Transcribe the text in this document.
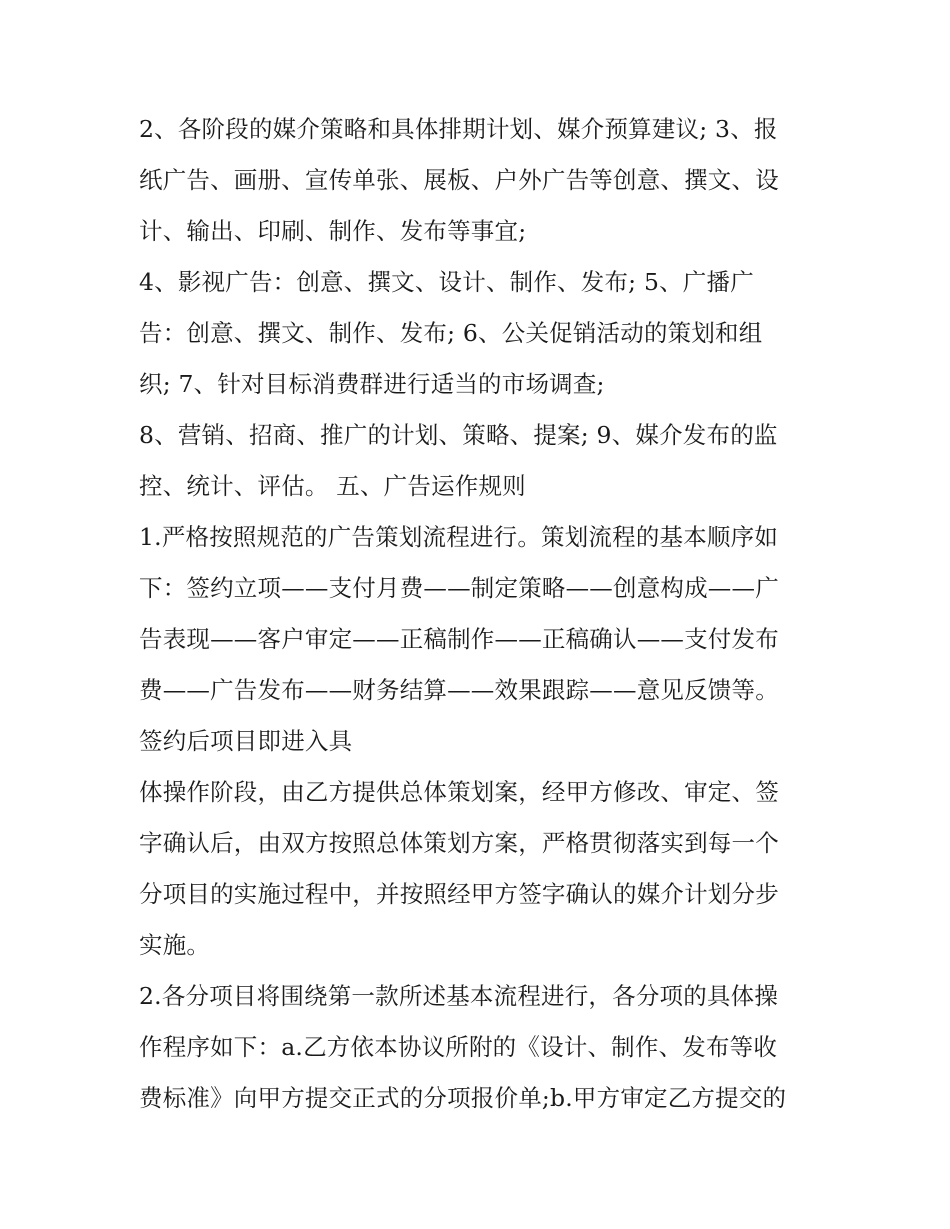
2、各阶段的媒介策略和具体排期计划、媒介预算建议; 3、报
纸广告、画册、宣传单张、展板、户外广告等创意、撰文、设
计、输出、印刷、制作、发布等事宜;
4、影视广告：创意、撰文、设计、制作、发布; 5、广播广
告：创意、撰文、制作、发布; 6、公关促销活动的策划和组
织; 7、针对目标消费群进行适当的市场调查;
8、营销、招商、推广的计划、策略、提案; 9、媒介发布的监
控、统计、评估。 五、广告运作规则
1.严格按照规范的广告策划流程进行。策划流程的基本顺序如
下：签约立项——支付月费——制定策略——创意构成——广
告表现——客户审定——正稿制作——正稿确认——支付发布
费——广告发布——财务结算——效果跟踪——意见反馈等。
签约后项目即进入具
体操作阶段，由乙方提供总体策划案，经甲方修改、审定、签
字确认后，由双方按照总体策划方案，严格贯彻落实到每一个
分项目的实施过程中，并按照经甲方签字确认的媒介计划分步
实施。
2.各分项目将围绕第一款所述基本流程进行，各分项的具体操
作程序如下：a.乙方依本协议所附的《设计、制作、发布等收
费标准》向甲方提交正式的分项报价单;b.甲方审定乙方提交的
